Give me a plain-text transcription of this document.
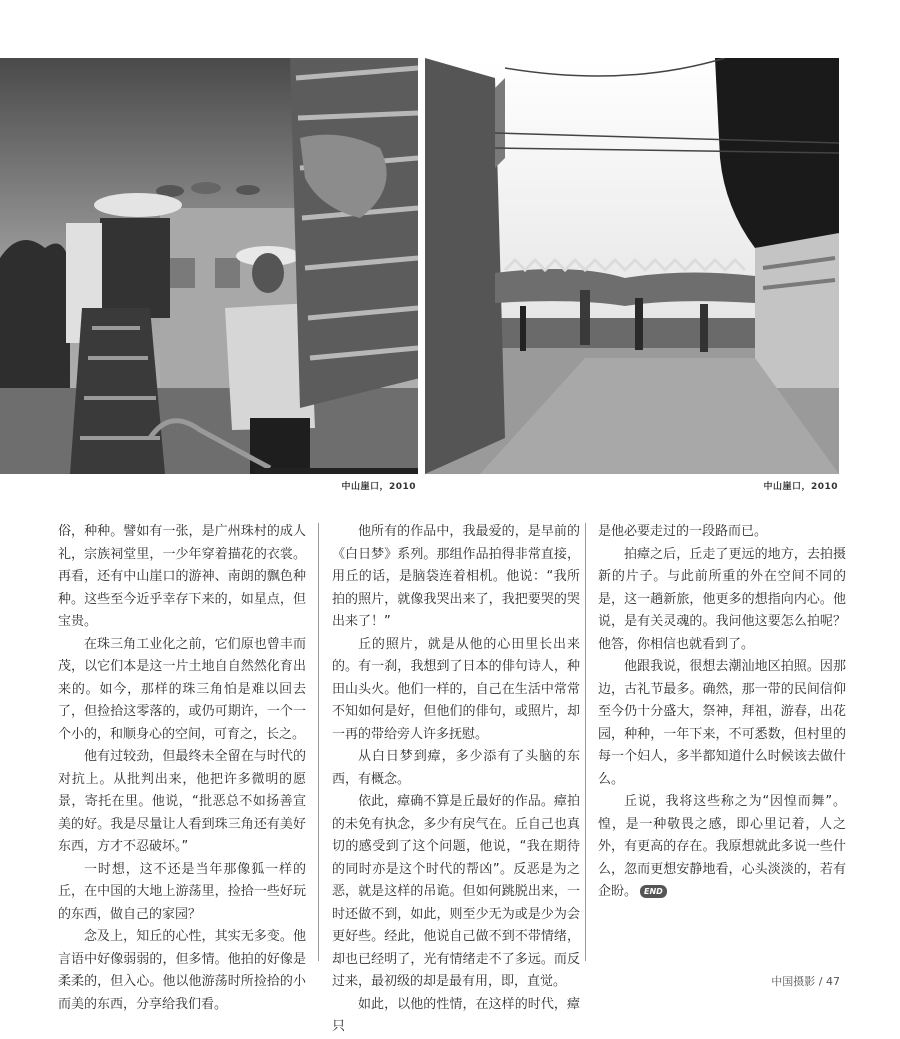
中山崖口，2010	中山崖口，2010

俗，种种。譬如有一张，是广州珠村的成人礼，宗族祠堂里，一少年穿着描花的衣裳。再看，还有中山崖口的游神、南朗的飘色种种。这些至今近乎幸存下来的，如星点，但宝贵。

在珠三角工业化之前，它们原也曾丰而茂，以它们本是这一片土地自自然然化育出来的。如今，那样的珠三角怕是难以回去了，但捡拾这零落的，或仍可期许，一个一个小的，和顺身心的空间，可育之，长之。

他有过较劲，但最终未全留在与时代的对抗上。从批判出来，他把许多微明的愿景，寄托在里。他说，“批恶总不如扬善宣美的好。我是尽量让人看到珠三角还有美好东西，方才不忍破坏。”

一时想，这不还是当年那像狐一样的丘，在中国的大地上游荡里，捡拾一些好玩的东西，做自己的家园？

念及上，知丘的心性，其实无多变。他言语中好像弱弱的，但多情。他拍的好像是柔柔的，但入心。他以他游荡时所捡拾的小而美的东西，分享给我们看。

他所有的作品中，我最爱的，是早前的《白日梦》系列。那组作品拍得非常直接，用丘的话，是脑袋连着相机。他说：“我所拍的照片，就像我哭出来了，我把要哭的哭出来了！”

丘的照片，就是从他的心田里长出来的。有一刹，我想到了日本的俳句诗人，种田山头火。他们一样的，自己在生活中常常不知如何是好，但他们的俳句，或照片，却一再的带给旁人许多抚慰。

从白日梦到瘴，多少添有了头脑的东西，有概念。

依此，瘴确不算是丘最好的作品。瘴拍的未免有执念，多少有戾气在。丘自己也真切的感受到了这个问题，他说，“我在期待的同时亦是这个时代的帮凶”。反恶是为之恶，就是这样的吊诡。但如何跳脱出来，一时还做不到，如此，则至少无为或是少为会更好些。经此，他说自己做不到不带情绪，却也已经明了，光有情绪走不了多远。而反过来，最初级的却是最有用，即，直觉。

如此，以他的性情，在这样的时代，瘴只

是他必要走过的一段路而已。

拍瘴之后，丘走了更远的地方，去拍摄新的片子。与此前所重的外在空间不同的是，这一趟新旅，他更多的想指向内心。他说，是有关灵魂的。我问他这要怎么拍呢？他答，你相信也就看到了。

他跟我说，很想去潮汕地区拍照。因那边，古礼节最多。确然，那一带的民间信仰至今仍十分盛大，祭神，拜祖，游春，出花园，种种，一年下来，不可悉数，但村里的每一个妇人，多半都知道什么时候该去做什么。

丘说，我将这些称之为“因惶而舞”。惶，是一种敬畏之感，即心里记着，人之外，有更高的存在。我原想就此多说一些什么，忽而更想安静地看，心头淡淡的，若有企盼。 END

中国摄影 / 47
